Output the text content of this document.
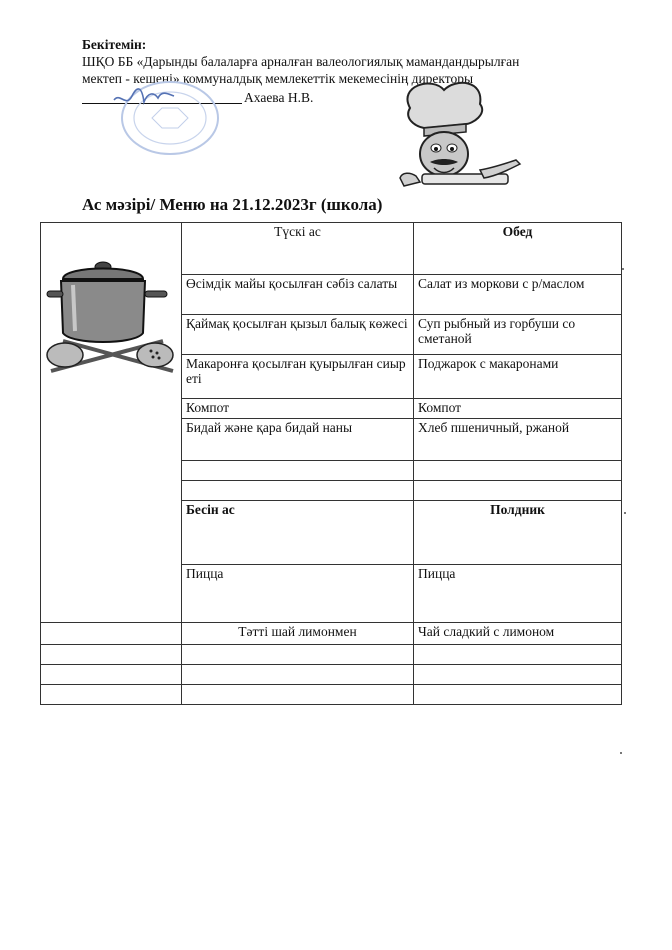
Бекітемін:
ШҚО ББ «Дарынды балаларға арналған валеологиялық мамандандырылған
мектеп - кешені» коммуналдық мемлекеттік мекемесінің директоры
Ахаева Н.В.
Ас мәзірі/ Меню на 21.12.2023г (школа)
	Түскі ас	Обед
	Өсімдік майы қосылған сәбіз салаты	Салат из моркови с р/маслом
	Қаймақ қосылған қызыл балық көжесі	Суп рыбный из горбуши со сметаной
	Макаронға қосылған қуырылған сиыр еті	Поджарок с макаронами
	Компот	Компот
	Бидай және қара бидай наны	Хлеб пшеничный, ржаной

	Бесін ас	Полдник
	Пицца	Пицца
	Тәтті шай лимонмен	Чай сладкий с лимоном
